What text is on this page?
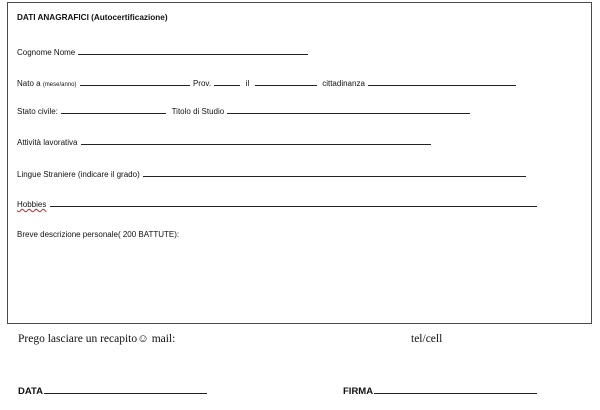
DATI ANAGRAFICI (Autocertificazione)
Cognome Nome
Nato a (mese/anno)	Prov.	il	cittadinanza
Stato civile:	Titolo di Studio
Attività lavorativa
Lingue Straniere (indicare il grado)
Hobbies
Breve descrizione personale( 200 BATTUTE):
Prego lasciare un recapito☺ mail:	tel/cell
DATA	FIRMA
